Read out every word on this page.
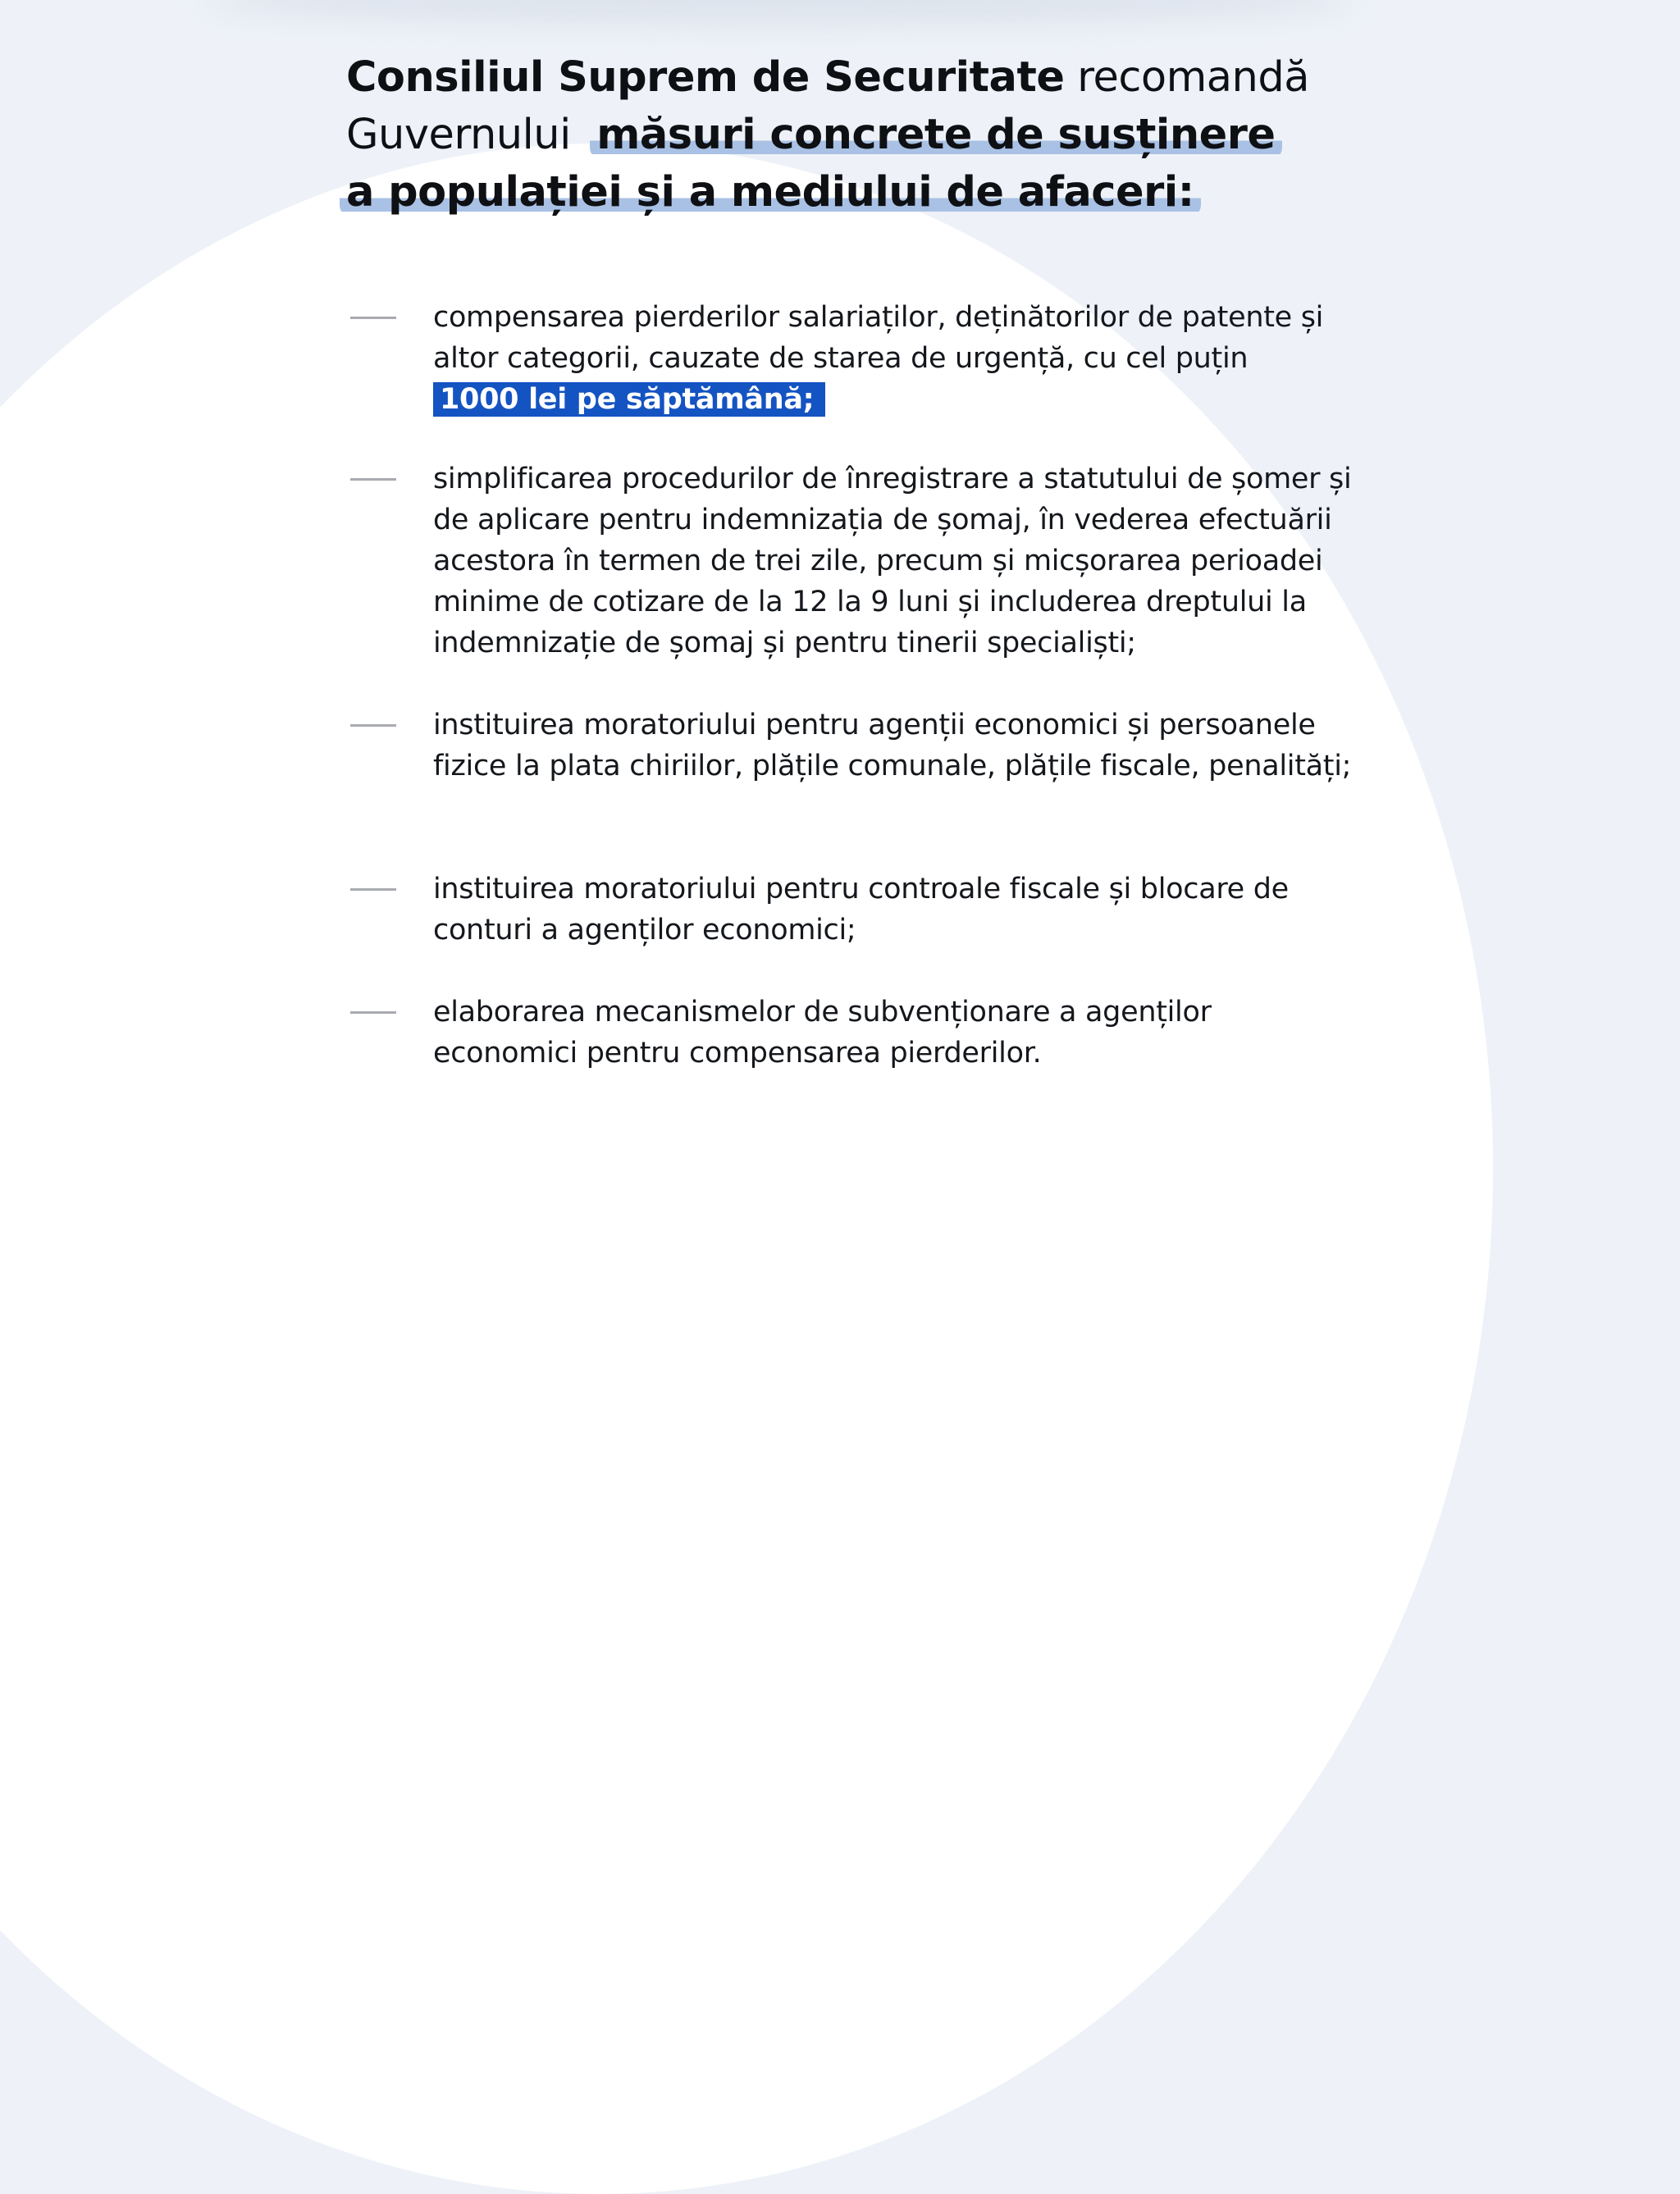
Consiliul Suprem de Securitate recomandă
Guvernului măsuri concrete de susținere
a populației și a mediului de afaceri:
compensarea pierderilor salariaților, deținătorilor de patente și altor categorii, cauzate de starea de urgență, cu cel puțin
1000 lei pe săptămână;
simplificarea procedurilor de înregistrare a statutului de șomer și de aplicare pentru indemnizația de șomaj, în vederea efectuării acestora în termen de trei zile, precum și micșorarea perioadei minime de cotizare de la 12 la 9 luni și includerea dreptului la indemnizație de șomaj și pentru tinerii specialiști;
instituirea moratoriului pentru agenții economici și persoanele fizice la plata chiriilor, plățile comunale, plățile fiscale, penalități;
instituirea moratoriului pentru controale fiscale și blocare de conturi a agenților economici;
elaborarea mecanismelor de subvenționare a agenților economici pentru compensarea pierderilor.
